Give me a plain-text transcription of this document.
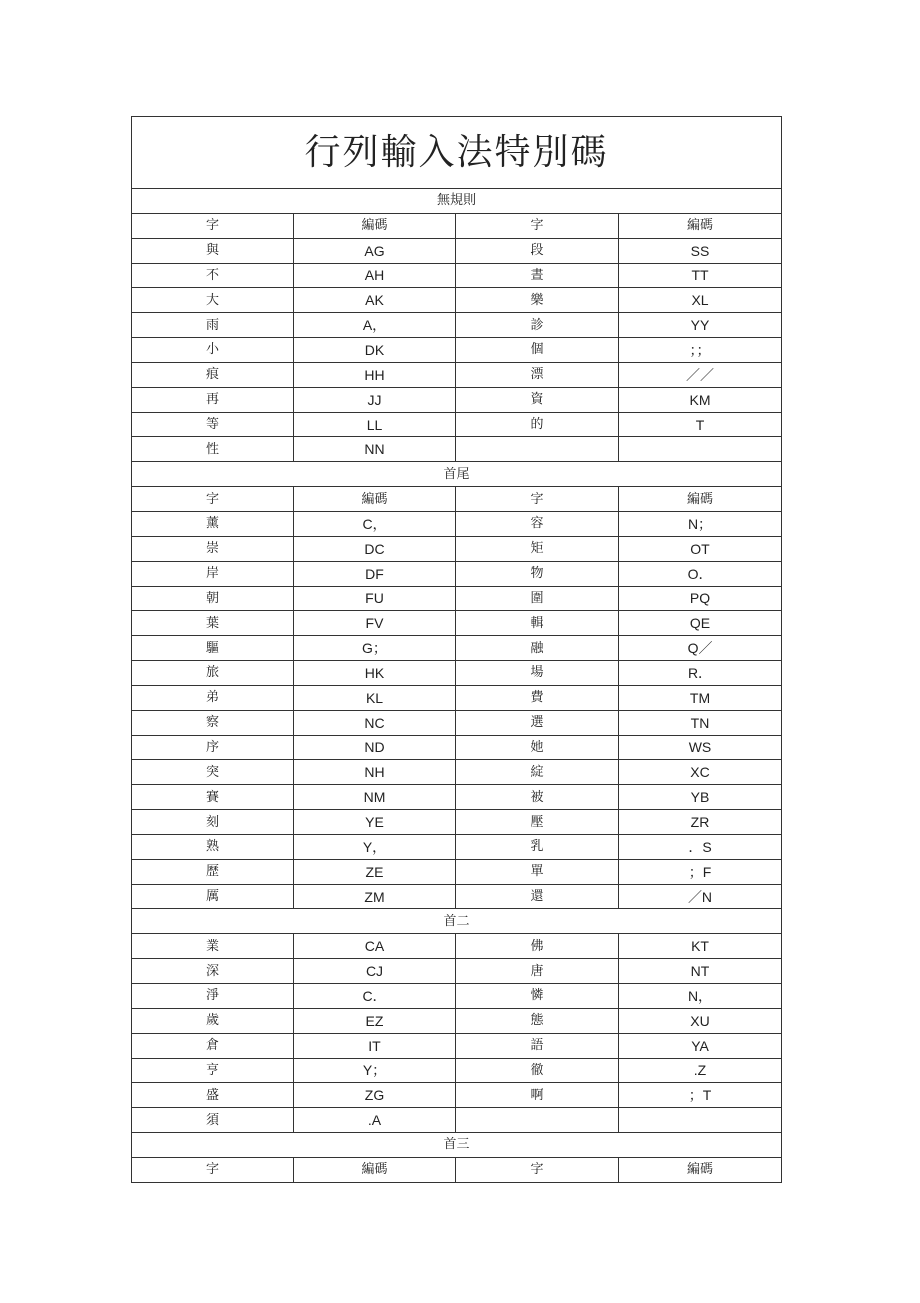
行列輸入法特別碼			
無規則			
字	編碼	字	編碼
與	AG	段	SS
不	AH	晝	TT
大	AK	樂	XL
雨	A，	診	YY
小	DK	個	；；
痕	HH	漂	／／
再	JJ	資	KM
等	LL	的	T
性	NN		
首尾			
字	編碼	字	編碼
薰	C，	容	N；
崇	DC	矩	OT
岸	DF	物	O．
朝	FU	圍	PQ
葉	FV	輯	QE
驅	G；	融	Q／
旅	HK	場	R．
弟	KL	費	TM
察	NC	選	TN
序	ND	她	WS
突	NH	綻	XC
賽	NM	被	YB
刻	YE	壓	ZR
熟	Y，	乳	．S
歷	ZE	單	；F
厲	ZM	還	／N
首二			
業	CA	佛	KT
深	CJ	唐	NT
淨	C．	憐	N，
歲	EZ	態	XU
倉	IT	語	YA
亨	Y；	徹	.Z
盛	ZG	啊	；T
須	.A		
首三			
字	編碼	字	編碼
